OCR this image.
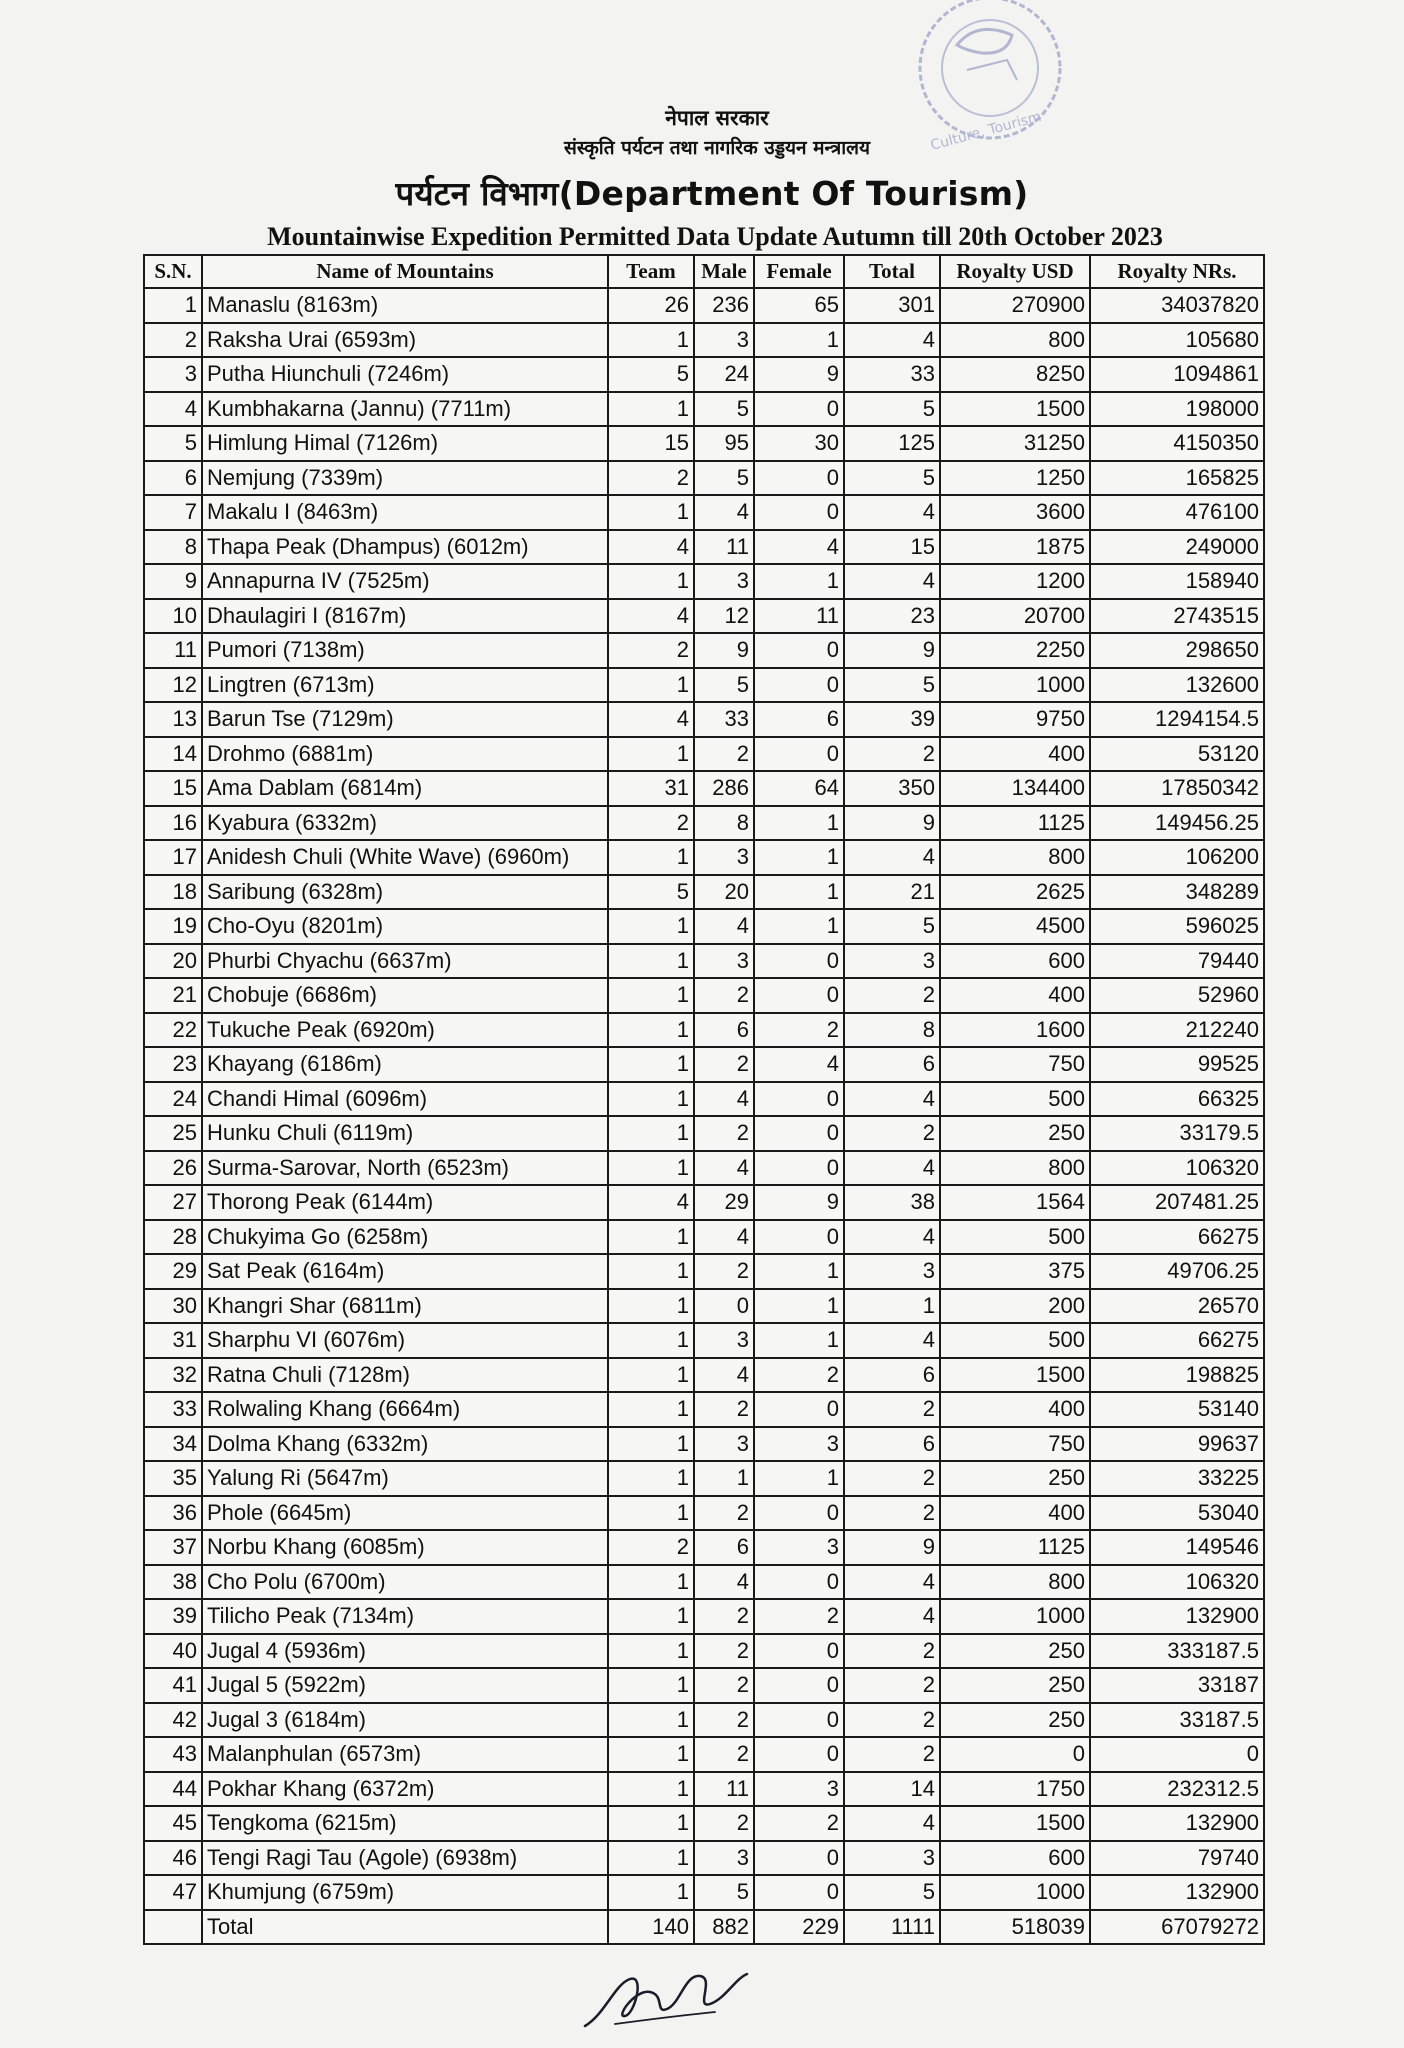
Culture, Tourism
नेपाल सरकार
संस्कृति पर्यटन तथा नागरिक उड्डयन मन्त्रालय
पर्यटन विभाग(Department Of Tourism)
Mountainwise Expedition Permitted Data Update Autumn till 20th October 2023
S.N.	Name of Mountains	Team	Male	Female	Total	Royalty USD	Royalty NRs.
1	Manaslu (8163m)	26	236	65	301	270900	34037820
2	Raksha Urai (6593m)	1	3	1	4	800	105680
3	Putha Hiunchuli (7246m)	5	24	9	33	8250	1094861
4	Kumbhakarna (Jannu) (7711m)	1	5	0	5	1500	198000
5	Himlung Himal (7126m)	15	95	30	125	31250	4150350
6	Nemjung (7339m)	2	5	0	5	1250	165825
7	Makalu I (8463m)	1	4	0	4	3600	476100
8	Thapa Peak (Dhampus) (6012m)	4	11	4	15	1875	249000
9	Annapurna IV (7525m)	1	3	1	4	1200	158940
10	Dhaulagiri I (8167m)	4	12	11	23	20700	2743515
11	Pumori (7138m)	2	9	0	9	2250	298650
12	Lingtren (6713m)	1	5	0	5	1000	132600
13	Barun Tse (7129m)	4	33	6	39	9750	1294154.5
14	Drohmo (6881m)	1	2	0	2	400	53120
15	Ama Dablam (6814m)	31	286	64	350	134400	17850342
16	Kyabura (6332m)	2	8	1	9	1125	149456.25
17	Anidesh Chuli (White Wave) (6960m)	1	3	1	4	800	106200
18	Saribung (6328m)	5	20	1	21	2625	348289
19	Cho-Oyu (8201m)	1	4	1	5	4500	596025
20	Phurbi Chyachu (6637m)	1	3	0	3	600	79440
21	Chobuje (6686m)	1	2	0	2	400	52960
22	Tukuche Peak (6920m)	1	6	2	8	1600	212240
23	Khayang (6186m)	1	2	4	6	750	99525
24	Chandi Himal (6096m)	1	4	0	4	500	66325
25	Hunku Chuli (6119m)	1	2	0	2	250	33179.5
26	Surma-Sarovar, North (6523m)	1	4	0	4	800	106320
27	Thorong Peak (6144m)	4	29	9	38	1564	207481.25
28	Chukyima Go (6258m)	1	4	0	4	500	66275
29	Sat Peak (6164m)	1	2	1	3	375	49706.25
30	Khangri Shar (6811m)	1	0	1	1	200	26570
31	Sharphu VI (6076m)	1	3	1	4	500	66275
32	Ratna Chuli (7128m)	1	4	2	6	1500	198825
33	Rolwaling Khang (6664m)	1	2	0	2	400	53140
34	Dolma Khang (6332m)	1	3	3	6	750	99637
35	Yalung Ri (5647m)	1	1	1	2	250	33225
36	Phole (6645m)	1	2	0	2	400	53040
37	Norbu Khang (6085m)	2	6	3	9	1125	149546
38	Cho Polu (6700m)	1	4	0	4	800	106320
39	Tilicho Peak (7134m)	1	2	2	4	1000	132900
40	Jugal 4 (5936m)	1	2	0	2	250	333187.5
41	Jugal 5 (5922m)	1	2	0	2	250	33187
42	Jugal 3 (6184m)	1	2	0	2	250	33187.5
43	Malanphulan (6573m)	1	2	0	2	0	0
44	Pokhar Khang (6372m)	1	11	3	14	1750	232312.5
45	Tengkoma (6215m)	1	2	2	4	1500	132900
46	Tengi Ragi Tau (Agole) (6938m)	1	3	0	3	600	79740
47	Khumjung (6759m)	1	5	0	5	1000	132900
	Total	140	882	229	1111	518039	67079272
